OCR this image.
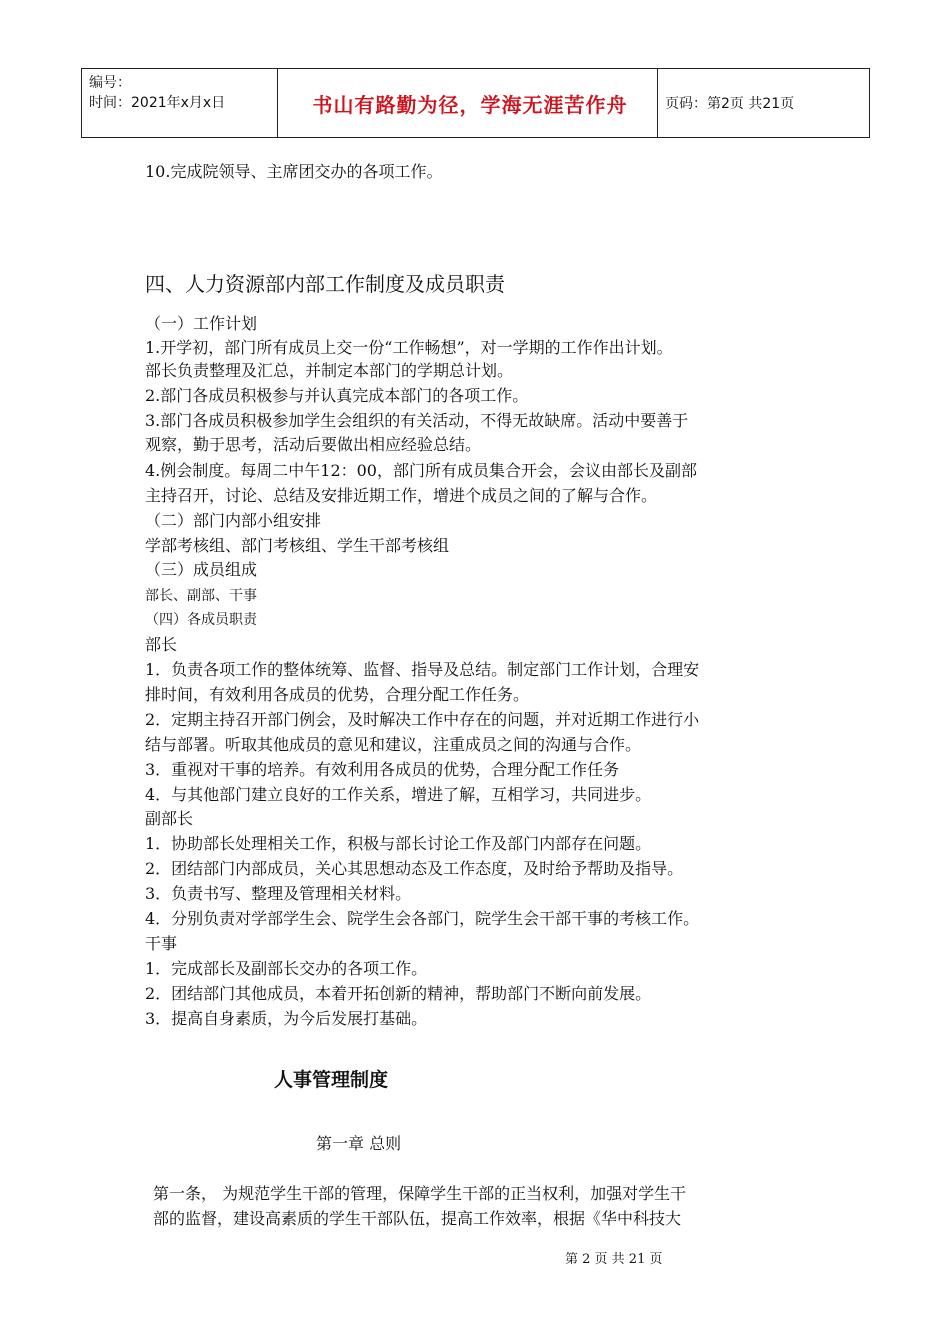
编号：
时间：2021年x月x日	书山有路勤为径，学海无涯苦作舟	页码：第2页 共21页
10.完成院领导、主席团交办的各项工作。
四、人力资源部内部工作制度及成员职责
（一）工作计划
1.开学初，部门所有成员上交一份“工作畅想”，对一学期的工作作出计划。
部长负责整理及汇总，并制定本部门的学期总计划。
2.部门各成员积极参与并认真完成本部门的各项工作。
3.部门各成员积极参加学生会组织的有关活动，不得无故缺席。活动中要善于
观察，勤于思考，活动后要做出相应经验总结。
4.例会制度。每周二中午12：00，部门所有成员集合开会，会议由部长及副部
主持召开，讨论、总结及安排近期工作，增进个成员之间的了解与合作。
（二）部门内部小组安排
学部考核组、部门考核组、学生干部考核组
（三）成员组成
部长、副部、干事
（四）各成员职责
部长
1．负责各项工作的整体统筹、监督、指导及总结。制定部门工作计划，合理安
排时间，有效利用各成员的优势，合理分配工作任务。
2．定期主持召开部门例会，及时解决工作中存在的问题，并对近期工作进行小
结与部署。听取其他成员的意见和建议，注重成员之间的沟通与合作。
3．重视对干事的培养。有效利用各成员的优势，合理分配工作任务
4．与其他部门建立良好的工作关系，增进了解，互相学习，共同进步。
副部长
1．协助部长处理相关工作，积极与部长讨论工作及部门内部存在问题。
2．团结部门内部成员，关心其思想动态及工作态度，及时给予帮助及指导。
3．负责书写、整理及管理相关材料。
4．分别负责对学部学生会、院学生会各部门，院学生会干部干事的考核工作。
干事
1．完成部长及副部长交办的各项工作。
2．团结部门其他成员，本着开拓创新的精神，帮助部门不断向前发展。
3．提高自身素质，为今后发展打基础。
人事管理制度
第一章 总则
第一条， 为规范学生干部的管理，保障学生干部的正当权利，加强对学生干
部的监督，建设高素质的学生干部队伍，提高工作效率，根据《华中科技大
第 2 页 共 21 页
